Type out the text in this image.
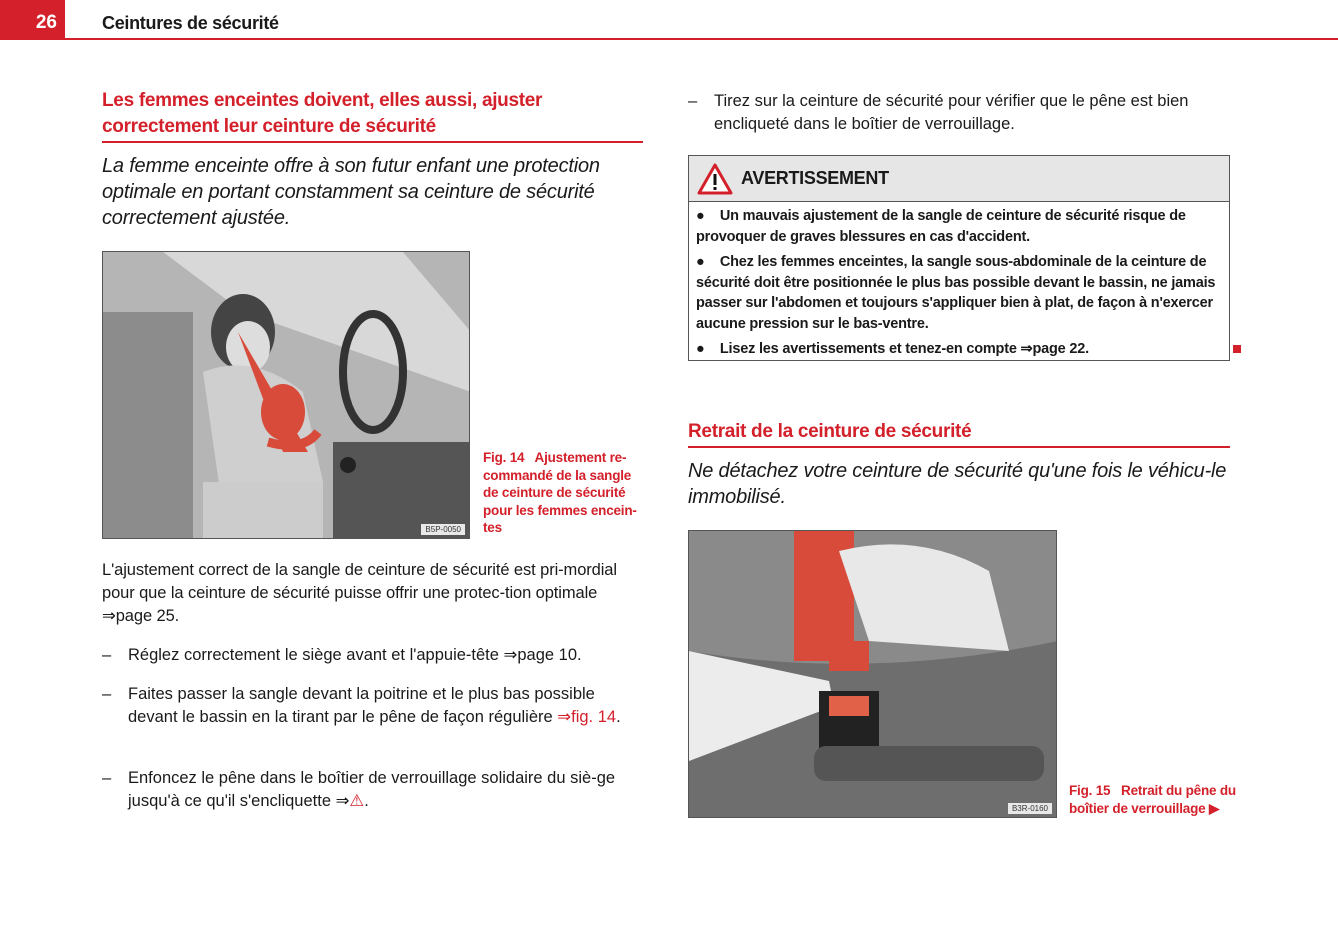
26	Ceintures de sécurité
Les femmes enceintes doivent, elles aussi, ajuster correctement leur ceinture de sécurité
La femme enceinte offre à son futur enfant une protection optimale en portant constamment sa ceinture de sécurité correctement ajustée.
B5P-0050
Fig. 14 Ajustement re-commandé de la sangle de ceinture de sécurité pour les femmes encein-tes
L'ajustement correct de la sangle de ceinture de sécurité est pri-mordial pour que la ceinture de sécurité puisse offrir une protec-tion optimale ⇒page 25.
– Réglez correctement le siège avant et l'appuie-tête ⇒page 10.
– Faites passer la sangle devant la poitrine et le plus bas possible devant le bassin en la tirant par le pêne de façon régulière ⇒fig. 14.
– Enfoncez le pêne dans le boîtier de verrouillage solidaire du siè-ge jusqu'à ce qu'il s'encliquette ⇒⚠.
– Tirez sur la ceinture de sécurité pour vérifier que le pêne est bien encliqueté dans le boîtier de verrouillage.
AVERTISSEMENT

●    Un mauvais ajustement de la sangle de ceinture de sécurité risque de provoquer de graves blessures en cas d'accident.

●    Chez les femmes enceintes, la sangle sous-abdominale de la ceinture de sécurité doit être positionnée le plus bas possible devant le bassin, ne jamais passer sur l'abdomen et toujours s'appliquer bien à plat, de façon à n'exercer aucune pression sur le bas-ventre.

●    Lisez les avertissements et tenez-en compte ⇒page 22.

Retrait de la ceinture de sécurité
Ne détachez votre ceinture de sécurité qu'une fois le véhicu-le immobilisé.
B3R-0160
Fig. 15 Retrait du pêne du boîtier de verrouillage ▶
